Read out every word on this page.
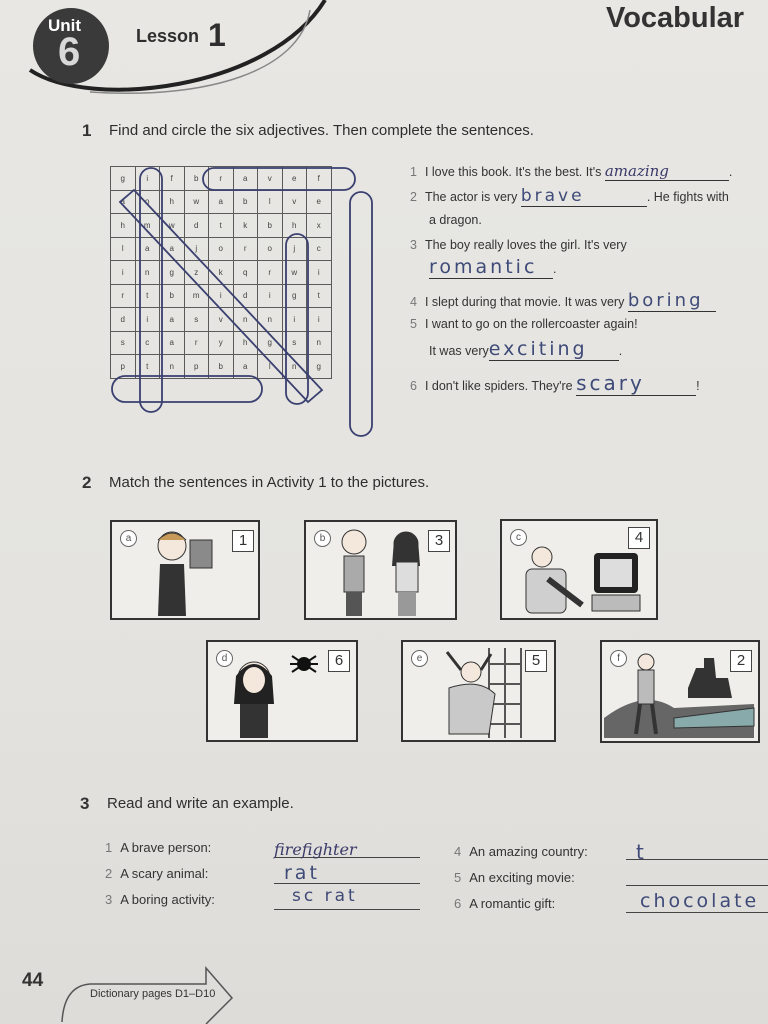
Unit
6	Lesson 1	Vocabular
1 Find and circle the six adjectives. Then complete the sentences.
g	i	f	b	r	a	v	e	f
a	o	h	w	a	b	l	v	e
h	m	w	d	t	k	b	h	x
l	a	a	j	o	r	o	j	c
i	n	g	z	k	q	r	w	i
r	t	b	m	i	d	i	g	t
d	i	a	s	v	n	n	i	i
s	c	a	r	y	h	g	s	n
p	t	n	p	b	a	l	n	g
1 I love this book. It's the best. It's amazing	.
2 The actor is very brave	. He fights with
a dragon.
3 The boy really loves the girl. It's very
romantic .
4 I slept during that movie. It was very boring
5 I want to go on the rollercoaster again!
It was veryexciting .
6 I don't like spiders. They're scary	!
2 Match the sentences in Activity 1 to the pictures.
a	1	b	3	c	4
d	6	e	5	f	2
3 Read and write an example.
1 A brave person:	firefighter
2 A scary animal:	rat
3 A boring activity:	sc rat
4 An amazing country:	t
5 An exciting movie:
6 A romantic gift:	chocolate
44
Dictionary pages D1–D10
